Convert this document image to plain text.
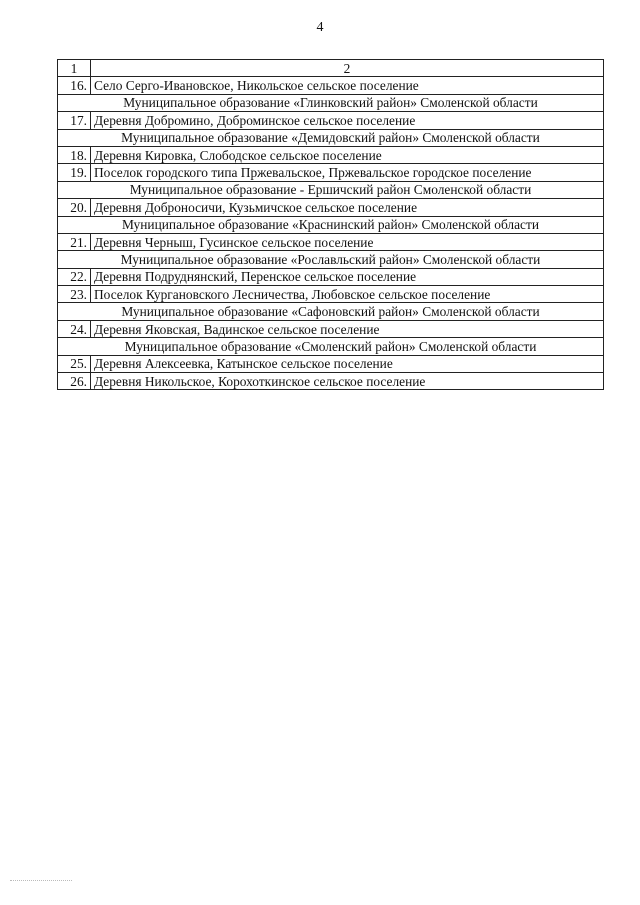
4
1	2
16.	Село Серго-Ивановское, Никольское сельское поселение
Муниципальное образование «Глинковский район» Смоленской области	
17.	Деревня Добромино, Доброминское сельское поселение
Муниципальное образование «Демидовский район» Смоленской области	
18.	Деревня Кировка, Слободское сельское поселение
19.	Поселок городского типа Пржевальское, Пржевальское городское поселение
Муниципальное образование - Ершичский район Смоленской области	
20.	Деревня Доброносичи, Кузьмичское сельское поселение
Муниципальное образование «Краснинский район» Смоленской области	
21.	Деревня Черныш, Гусинское сельское поселение
Муниципальное образование «Рославльский район» Смоленской области	
22.	Деревня Подруднянский, Перенское сельское поселение
23.	Поселок Кургановского Лесничества, Любовское сельское поселение
Муниципальное образование «Сафоновский район» Смоленской области	
24.	Деревня Яковская, Вадинское сельское поселение
Муниципальное образование «Смоленский район» Смоленской области	
25.	Деревня Алексеевка, Катынское сельское поселение
26.	Деревня Никольское, Корохоткинское сельское поселение
